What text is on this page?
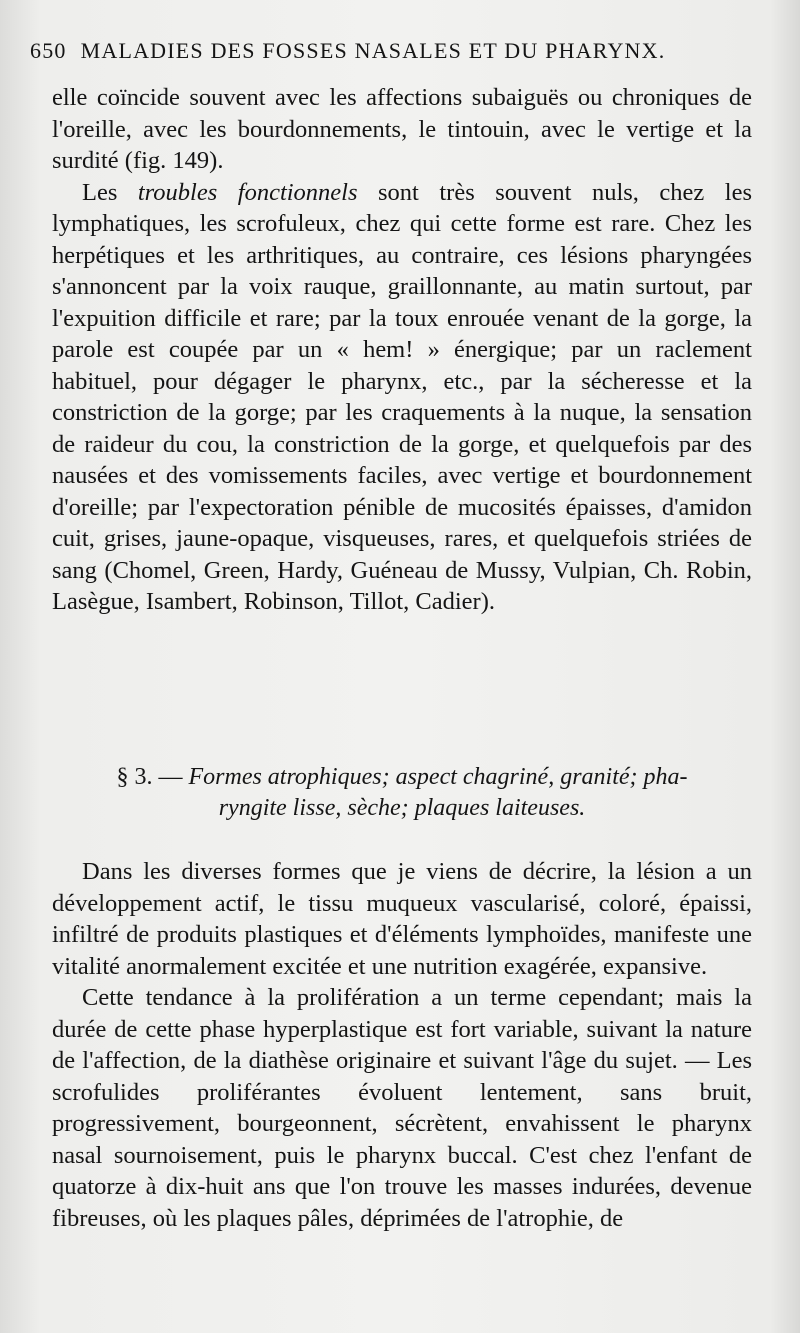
650 MALADIES DES FOSSES NASALES ET DU PHARYNX.

elle coïncide souvent avec les affections subaiguës ou chroniques de l'oreille, avec les bourdonnements, le tintouin, avec le vertige et la surdité (fig. 149).

Les troubles fonctionnels sont très souvent nuls, chez les lymphatiques, les scrofuleux, chez qui cette forme est rare. Chez les herpétiques et les arthritiques, au contraire, ces lésions pharyngées s'annoncent par la voix rauque, graillonnante, au matin surtout, par l'expuition difficile et rare; par la toux enrouée venant de la gorge, la parole est coupée par un « hem! » énergique; par un raclement habituel, pour dégager le pharynx, etc., par la sécheresse et la constriction de la gorge; par les craquements à la nuque, la sensation de raideur du cou, la constriction de la gorge, et quelquefois par des nausées et des vomissements faciles, avec vertige et bourdonnement d'oreille; par l'expectoration pénible de mucosités épaisses, d'amidon cuit, grises, jaune-opaque, visqueuses, rares, et quelquefois striées de sang (Chomel, Green, Hardy, Guéneau de Mussy, Vulpian, Ch. Robin, Lasègue, Isambert, Robinson, Tillot, Cadier).

§ 3. — Formes atrophiques; aspect chagriné, granité; pha-
ryngite lisse, sèche; plaques laiteuses.

Dans les diverses formes que je viens de décrire, la lésion a un développement actif, le tissu muqueux vascularisé, coloré, épaissi, infiltré de produits plastiques et d'éléments lymphoïdes, manifeste une vitalité anormalement excitée et une nutrition exagérée, expansive.

Cette tendance à la prolifération a un terme cependant; mais la durée de cette phase hyperplastique est fort variable, suivant la nature de l'affection, de la diathèse originaire et suivant l'âge du sujet. — Les scrofulides proliférantes évoluent lentement, sans bruit, progressivement, bourgeonnent, sécrètent, envahissent le pharynx nasal sournoisement, puis le pharynx buccal. C'est chez l'enfant de quatorze à dix-huit ans que l'on trouve les masses indurées, devenue fibreuses, où les plaques pâles, déprimées de l'atrophie, de
